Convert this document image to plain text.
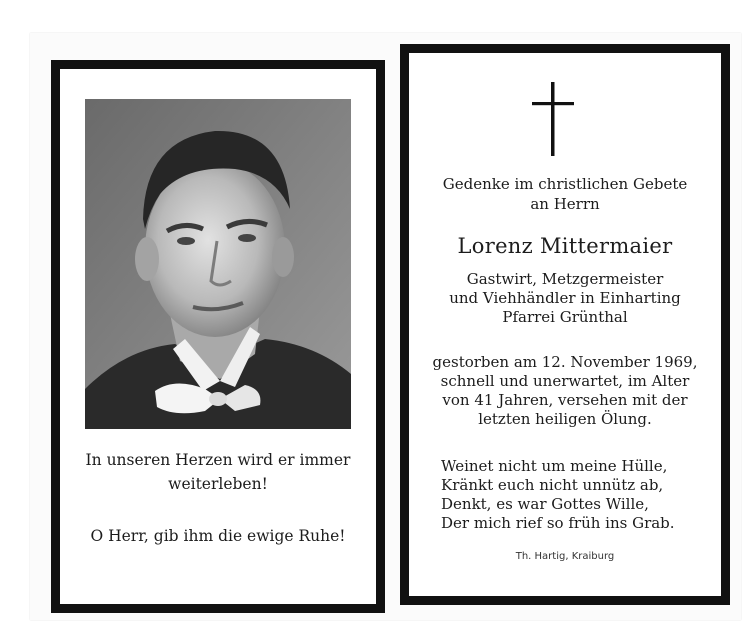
In unseren Herzen wird er immer
weiterleben!
O Herr, gib ihm die ewige Ruhe!
Gedenke im christlichen Gebete
an Herrn
Lorenz Mittermaier
Gastwirt, Metzgermeister
und Viehhändler in Einharting
Pfarrei Grünthal
gestorben am 12. November 1969,
schnell und unerwartet, im Alter
von 41 Jahren, versehen mit der
letzten heiligen Ölung.
Weinet nicht um meine Hülle,
Kränkt euch nicht unnütz ab,
Denkt, es war Gottes Wille,
Der mich rief so früh ins Grab.
Th. Hartig, Kraiburg
